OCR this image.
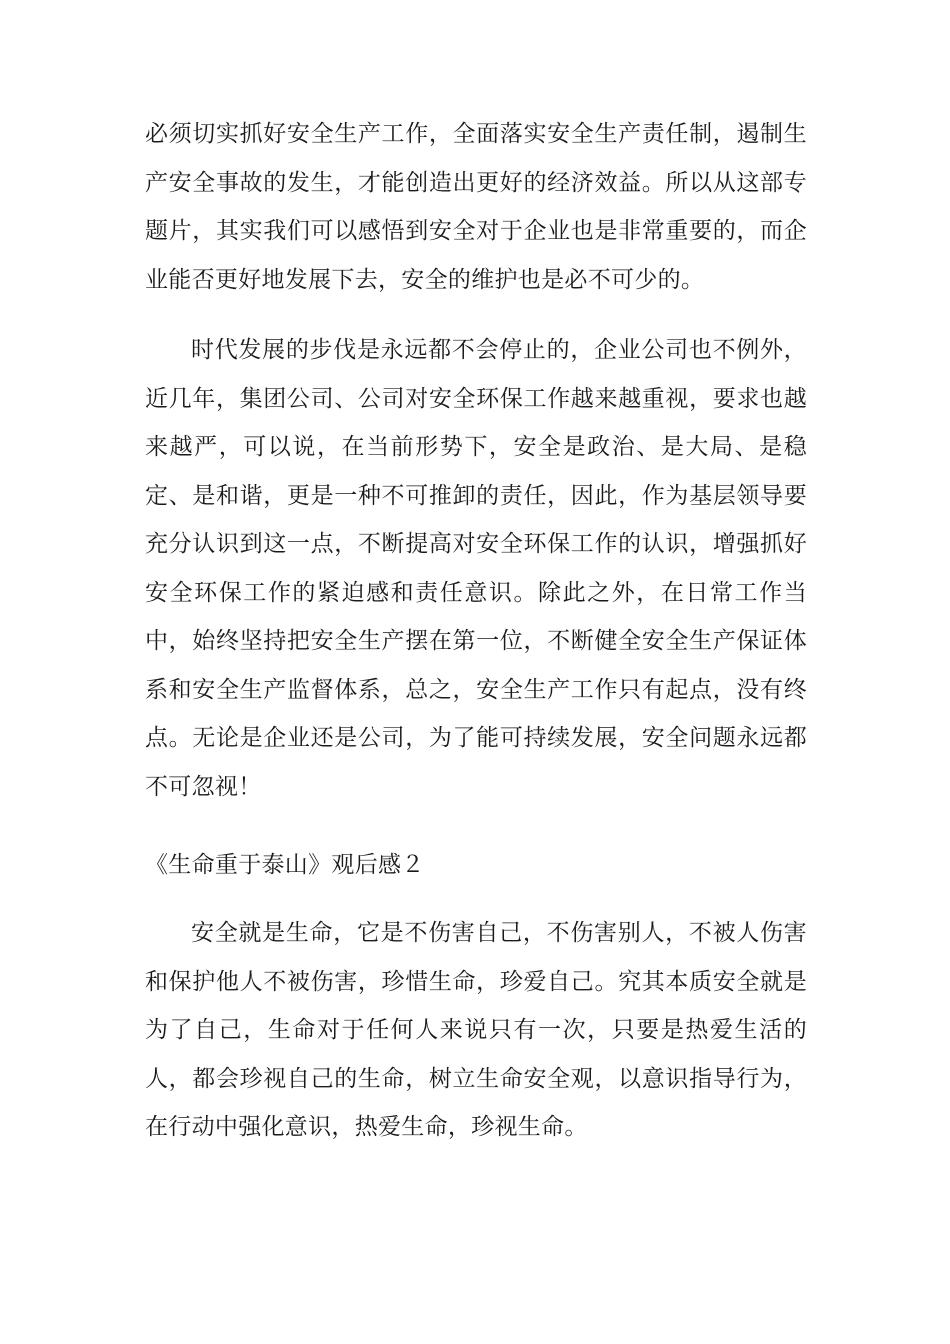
必须切实抓好安全生产工作，全面落实安全生产责任制，遏制生产安全事故的发生，才能创造出更好的经济效益。所以从这部专题片，其实我们可以感悟到安全对于企业也是非常重要的，而企业能否更好地发展下去，安全的维护也是必不可少的。

时代发展的步伐是永远都不会停止的，企业公司也不例外，近几年，集团公司、公司对安全环保工作越来越重视，要求也越来越严，可以说，在当前形势下，安全是政治、是大局、是稳定、是和谐，更是一种不可推卸的责任，因此，作为基层领导要充分认识到这一点，不断提高对安全环保工作的认识，增强抓好安全环保工作的紧迫感和责任意识。除此之外，在日常工作当中，始终坚持把安全生产摆在第一位，不断健全安全生产保证体系和安全生产监督体系，总之，安全生产工作只有起点，没有终点。无论是企业还是公司，为了能可持续发展，安全问题永远都不可忽视！

《生命重于泰山》观后感２

安全就是生命，它是不伤害自己，不伤害别人，不被人伤害和保护他人不被伤害，珍惜生命，珍爱自己。究其本质安全就是为了自己，生命对于任何人来说只有一次，只要是热爱生活的人，都会珍视自己的生命，树立生命安全观，以意识指导行为，在行动中强化意识，热爱生命，珍视生命。
